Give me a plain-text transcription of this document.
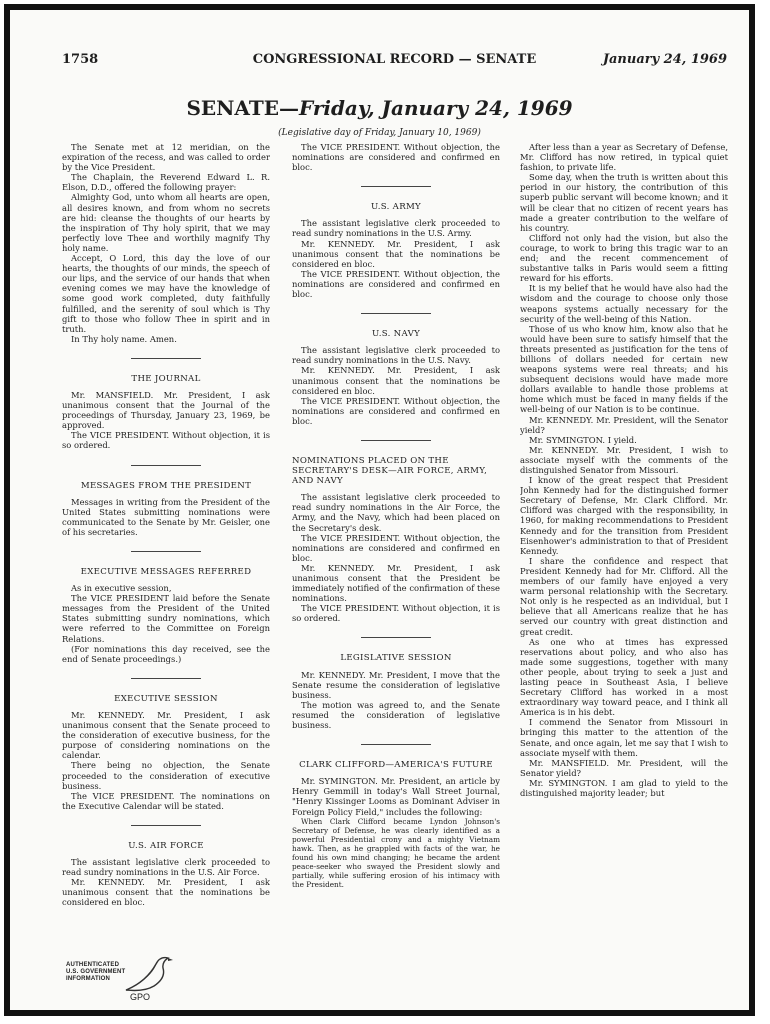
1758	CONGRESSIONAL RECORD — SENATE	January 24, 1969
SENATE—Friday, January 24, 1969
(Legislative day of Friday, January 10, 1969)

The Senate met at 12 meridian, on the expiration of the recess, and was called to order by the Vice President.

The Chaplain, the Reverend Edward L. R. Elson, D.D., offered the following prayer:

Almighty God, unto whom all hearts are open, all desires known, and from whom no secrets are hid: cleanse the thoughts of our hearts by the inspiration of Thy holy spirit, that we may perfectly love Thee and worthily magnify Thy holy name.

Accept, O Lord, this day the love of our hearts, the thoughts of our minds, the speech of our lips, and the service of our hands that when evening comes we may have the knowledge of some good work completed, duty faithfully fulfilled, and the serenity of soul which is Thy gift to those who follow Thee in spirit and in truth.

In Thy holy name. Amen.

THE JOURNAL

Mr. MANSFIELD. Mr. President, I ask unanimous consent that the Journal of the proceedings of Thursday, January 23, 1969, be approved.

The VICE PRESIDENT. Without objection, it is so ordered.

MESSAGES FROM THE PRESIDENT

Messages in writing from the President of the United States submitting nominations were communicated to the Senate by Mr. Geisler, one of his secretaries.

EXECUTIVE MESSAGES REFERRED

As in executive session,

The VICE PRESIDENT laid before the Senate messages from the President of the United States submitting sundry nominations, which were referred to the Committee on Foreign Relations.

(For nominations this day received, see the end of Senate proceedings.)

EXECUTIVE SESSION

Mr. KENNEDY. Mr. President, I ask unanimous consent that the Senate proceed to the consideration of executive business, for the purpose of considering nominations on the calendar.

There being no objection, the Senate proceeded to the consideration of executive business.

The VICE PRESIDENT. The nominations on the Executive Calendar will be stated.

U.S. AIR FORCE

The assistant legislative clerk proceeded to read sundry nominations in the U.S. Air Force.

Mr. KENNEDY. Mr. President, I ask unanimous consent that the nominations be considered en bloc.

The VICE PRESIDENT. Without objection, the nominations are considered and confirmed en bloc.

U.S. ARMY

The assistant legislative clerk proceeded to read sundry nominations in the U.S. Army.

Mr. KENNEDY. Mr. President, I ask unanimous consent that the nominations be considered en bloc.

The VICE PRESIDENT. Without objection, the nominations are considered and confirmed en bloc.

U.S. NAVY

The assistant legislative clerk proceeded to read sundry nominations in the U.S. Navy.

Mr. KENNEDY. Mr. President, I ask unanimous consent that the nominations be considered en bloc.

The VICE PRESIDENT. Without objection, the nominations are considered and confirmed en bloc.

NOMINATIONS PLACED ON THE SECRETARY'S DESK—AIR FORCE, ARMY, AND NAVY

The assistant legislative clerk proceeded to read sundry nominations in the Air Force, the Army, and the Navy, which had been placed on the Secretary's desk.

The VICE PRESIDENT. Without objection, the nominations are considered and confirmed en bloc.

Mr. KENNEDY. Mr. President, I ask unanimous consent that the President be immediately notified of the confirmation of these nominations.

The VICE PRESIDENT. Without objection, it is so ordered.

LEGISLATIVE SESSION

Mr. KENNEDY. Mr. President, I move that the Senate resume the consideration of legislative business.

The motion was agreed to, and the Senate resumed the consideration of legislative business.

CLARK CLIFFORD—AMERICA'S FUTURE

Mr. SYMINGTON. Mr. President, an article by Henry Gemmill in today's Wall Street Journal, "Henry Kissinger Looms as Dominant Adviser in Foreign Policy Field," includes the following:

When Clark Clifford became Lyndon Johnson's Secretary of Defense, he was clearly identified as a powerful Presidential crony and a mighty Vietnam hawk. Then, as he grappled with facts of the war, he found his own mind changing; he became the ardent peace-seeker who swayed the President slowly and partially, while suffering erosion of his intimacy with the President.

After less than a year as Secretary of Defense, Mr. Clifford has now retired, in typical quiet fashion, to private life.

Some day, when the truth is written about this period in our history, the contribution of this superb public servant will become known; and it will be clear that no citizen of recent years has made a greater contribution to the welfare of his country.

Clifford not only had the vision, but also the courage, to work to bring this tragic war to an end; and the recent commencement of substantive talks in Paris would seem a fitting reward for his efforts.

It is my belief that he would have also had the wisdom and the courage to choose only those weapons systems actually necessary for the security of the well-being of this Nation.

Those of us who know him, know also that he would have been sure to satisfy himself that the threats presented as justification for the tens of billions of dollars needed for certain new weapons systems were real threats; and his subsequent decisions would have made more dollars available to handle those problems at home which must be faced in many fields if the well-being of our Nation is to be continue.

Mr. KENNEDY. Mr. President, will the Senator yield?

Mr. SYMINGTON. I yield.

Mr. KENNEDY. Mr. President, I wish to associate myself with the comments of the distinguished Senator from Missouri.

I know of the great respect that President John Kennedy had for the distinguished former Secretary of Defense, Mr. Clark Clifford. Mr. Clifford was charged with the responsibility, in 1960, for making recommendations to President Kennedy and for the transition from President Eisenhower's administration to that of President Kennedy.

I share the confidence and respect that President Kennedy had for Mr. Clifford. All the members of our family have enjoyed a very warm personal relationship with the Secretary. Not only is he respected as an individual, but I believe that all Americans realize that he has served our country with great distinction and great credit.

As one who at times has expressed reservations about policy, and who also has made some suggestions, together with many other people, about trying to seek a just and lasting peace in Southeast Asia, I believe Secretary Clifford has worked in a most extraordinary way toward peace, and I think all America is in his debt.

I commend the Senator from Missouri in bringing this matter to the attention of the Senate, and once again, let me say that I wish to associate myself with them.

Mr. MANSFIELD. Mr. President, will the Senator yield?

Mr. SYMINGTON. I am glad to yield to the distinguished majority leader; but

AUTHENTICATED
U.S. GOVERNMENT
INFORMATION
GPO
